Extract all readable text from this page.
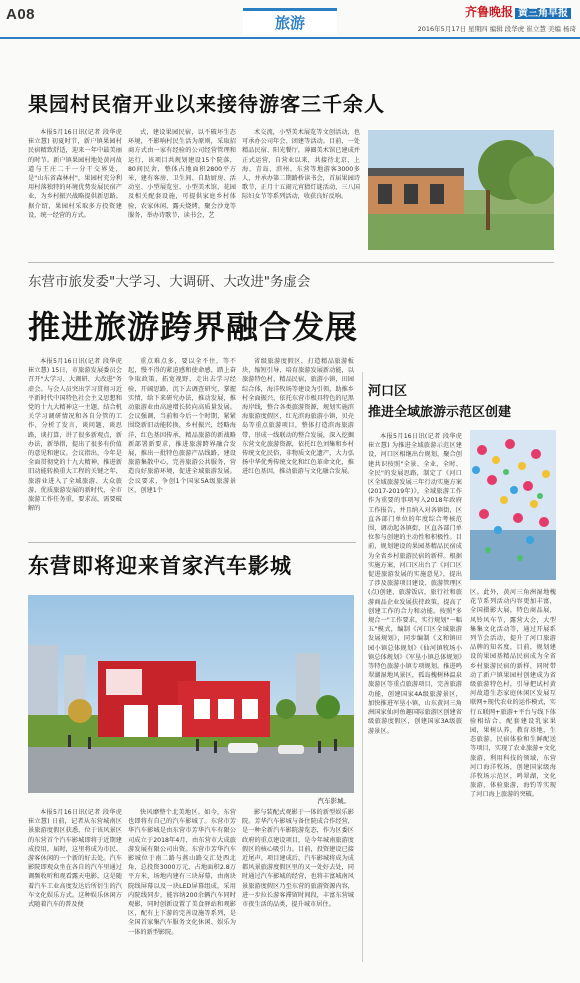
A08	旅游
齐鲁晚报 黄三角早报
2016年5月17日 星期四 编辑 段华虎 崔立慧 美编 杨琦
果园村民宿开业以来接待游客三千余人
本报5月16日讯(记者 段华虎 崔立慧) 初夏时节，新户镇果园村民宿精致舒适，迎来一年中最美丽的时节。新户镇果园村地处黄河故道与王庄二千一分干交界处，是"山东省森林村"，果园村充分利用村落独特的环境优势发展民宿产业，为乡村振兴战略提供新思路。据介绍，果园村采取多方投资建设，统一经营的方式。
式，建设果园民宿，以不破坏生态环境，不影响村民生活为原则，采取招商方式由一家有经验的公司经营管理和运行，该项目共规划建设15个院落，80间民舍，整体占地面积2800平方米，建有客房、卫生间、自助厨房、活动室、小型展览室、小型美术馆，花园及相关配套设施，可提供家庭乡村体验，农家休闲，露天烧烤，聚会沙龙等服务，举办诗歌节，读书会，艺
术交流，小型美术展览等文创活动，也可承办公司年会、团建等活动。目前，一处精品民宿、阳光餐厅，薄圈美术馆已建成并正式运营，自营业以来，共接待北京、上海、青岛、滨州、东营等地游客3000多人，并承办第二期路桥读书会，首届果园诗歌节，正月十五闹元宵猜灯谜活动，三八国际妇女节等系列活动，收获良好反响。
东营市旅发委"大学习、大调研、大改进"务虚会
推进旅游跨界融合发展
本报5月16日讯(记者 段华虎 崔立慧) 15日，市旅游发展委员会召开"大学习、大调研、大改进"务虚会。与会人员突出学习贯彻习近平新时代中国特色社会主义思想和党的十九大精神这一主题，结合机关学习调研情况和各自分管的工作，分析了发言，谈问题，谈思路，谈打算，讲了很多新观点，新办法，新举措，提出了很多有价值的意见和建议。会议指出，今年是全面贯彻党的十九大精神，推进新旧动能转换重大工程的关键之年，旅游业进入了全域旅游、大众旅游、优质旅游发展的新时代，全市旅游工作任务重，要求高，需要破解的
重点难点多，要以全不住，等不起，慢不得的紧迫感和使命感，踏上奋争取政策，拓宽视野，走出去学习经验，开阔思路，沉下去调查研究，掌握实情，给下来研究办法，推动发展，推动旅游业由高速增长转向高质量发展。会议强调，当前和今后一个时期，紧紧围绕新旧动能转换，乡村振兴，经略海洋，红色基因传承，精品旅游的新战略新部署新要求，推进旅游跨界融合发展，推出一批特色旅游产品线路，建设旅游集散中心，完善旅游公共服务，营造良好旅游环境，促进全域旅游发展。会议要求，争创1个国家5A级旅游景区，创建1个
省级旅游度假区，打造精品旅游板块，缩短引导，培育旅游发展新动能，以旅游特色村，精品民宿，旅游小镇，田园综合体，海洋牧场等建设为引领，助推乡村全面振兴，依托东营市极具特色的尼黑海岸线，整合各类旅游资源，规划实施滨海旅游度假区，红光滨海旅游小镇，贝壳岛等重点旅游项目，整体打造滨海旅游带，形成一线联动的整合发展，深入挖掘东营文化旅游资源，依托红色刘集和乡村传统文化民俗，非物质文化遗产，大力弘扬中华优秀传统文化和红色革命文化，推进红色基因，推动旅游与文化融合发展。
河口区
推进全域旅游示范区创建
本报5月16日讯(记者 段华虎 崔立慧) 为推进全域旅游示范区建设，河口区相继出台规划，聚合创建共识按照"全景、全业、全时、全民"的发展思路，制定了《河口区全域旅游发展三年行动实施方案(2017-2019年)》，全域旅游工作作为重要的事项写入2018年政府工作报告，并且纳入对各镇街，区直各部门单位的年度综合考核范围，调动起各镇街，区直各部门单位参与创建的主动性和积极性。目前，规划建设的果园基精品民宿成为全省乡村旅游民宿的新样。根据实施方案，河口区出台了《河口区促进旅游发展的实施意见》，提出了涉及旅游项目建设、旅游管理区(点)创建，旅游饭店，旅行社和旅游商品企业发展扶持政策，提高了创建工作的合力和动能。按照"多规合一"工作要求，实行规划"一幅五"模式，编制《河口区全域旅游发展规划》，同步编制《义和镇田园小镇总体规划》《仙河镇牧场小镇总体规划》《军垦小镇总体规划》等特色旅游小镇专项规划。推进鸣翠湖湿地风景区，孤岛槐树林温泉旅游区等重点旅游项目，完善旅游功能，创建国家4A级旅游景区，加快推进军垦小镇，山东黄河三角洲国家仙河鱼趣国际旅游区创建省级旅游度假区，创建国家3A级旅游景区。
区。此外，黄河三角洲湿地槐花节系列活动内容更加丰富，全国摄影大展，特色商品展，风铃风车节，露营大会，大型集集文化活动等，通过开展系列节会活动，提升了河口旅游品牌的知名度，目前，规划建设的果园基精品民宿成为全省乡村旅游民宿的新样，同时带动了新户镇果园村创建成为省级旅游特色村，引导把试村黄河故道生态家庭休闲区发展互联网+现代农业的运作模式，实行五联网+旅游+平台与线下体验相结合，配套建设乳家果园，果树认养，教育基地，生态旅游，民宿体验和生鲜配送等项目，实现了农业旅游+文化旅游，利用科技的领域，东营河口海洋牧场，创建国家级海洋牧场示范区，鸣翠湖，文化旅游，体验旅游，海钓等实现了河口海上旅游的突破。
东营即将迎来首家汽车影城
汽车影城。
本报5月16日讯(记者 段华虎 崔立慧) 日前，记者从东营城南区景旅游度假区获悉，位于该风景区的东营首个汽车影城即将于近期建成投用，届时，这里将成为市民、游客休闲的一个新的好去处。汽车影院即观众坐在各自的汽车里通过调频收听和观看露天电影，这是随着汽车工业高度发达后所衍生的汽车文化娱乐方式。这种娱乐休闲方式随着汽车的普及便
快风靡整个北美地区。如今，东营也即将有自己的汽车影城了。东营市芳华汽车影城是由东营市芳华汽车有限公司成立于2018年4月，由东营市大成旅游发展有限公司出资。东营市芳华汽车影城位于南二路与燕山路交汇处西北角，总投资3000万元，占地面积2.8万平方米，场地内建有三块屏幕，由南块院线屏幕以及一块LED屏幕组成，采用内院线同步，能容纳200余辆汽车同时观影，同时创新设置了美食驿站和观影区，配有上下游的完善设施等系列，是全国首家集汽车服务文化休闲、娱乐为一体的新型影院。
影与装配式观影于一体的新型娱乐影院。芳华汽车影城与备住院成合作经营，是一种全新汽车影院游览态，作为区委区政府的重点建设项目，是今年城南旅游度假区的核心吸引力。目前，投资建设已接近尾声。项目建成后，汽车影城将成为成都风景旅游度假区里的又一处好去处，同时通过汽车影城的经营，也将丰富城南风景旅游度假区乃至东营的旅游资源内容，进一步拉长游客滞留时间段，丰富东营城市夜生活的品类，提升城市居住。
